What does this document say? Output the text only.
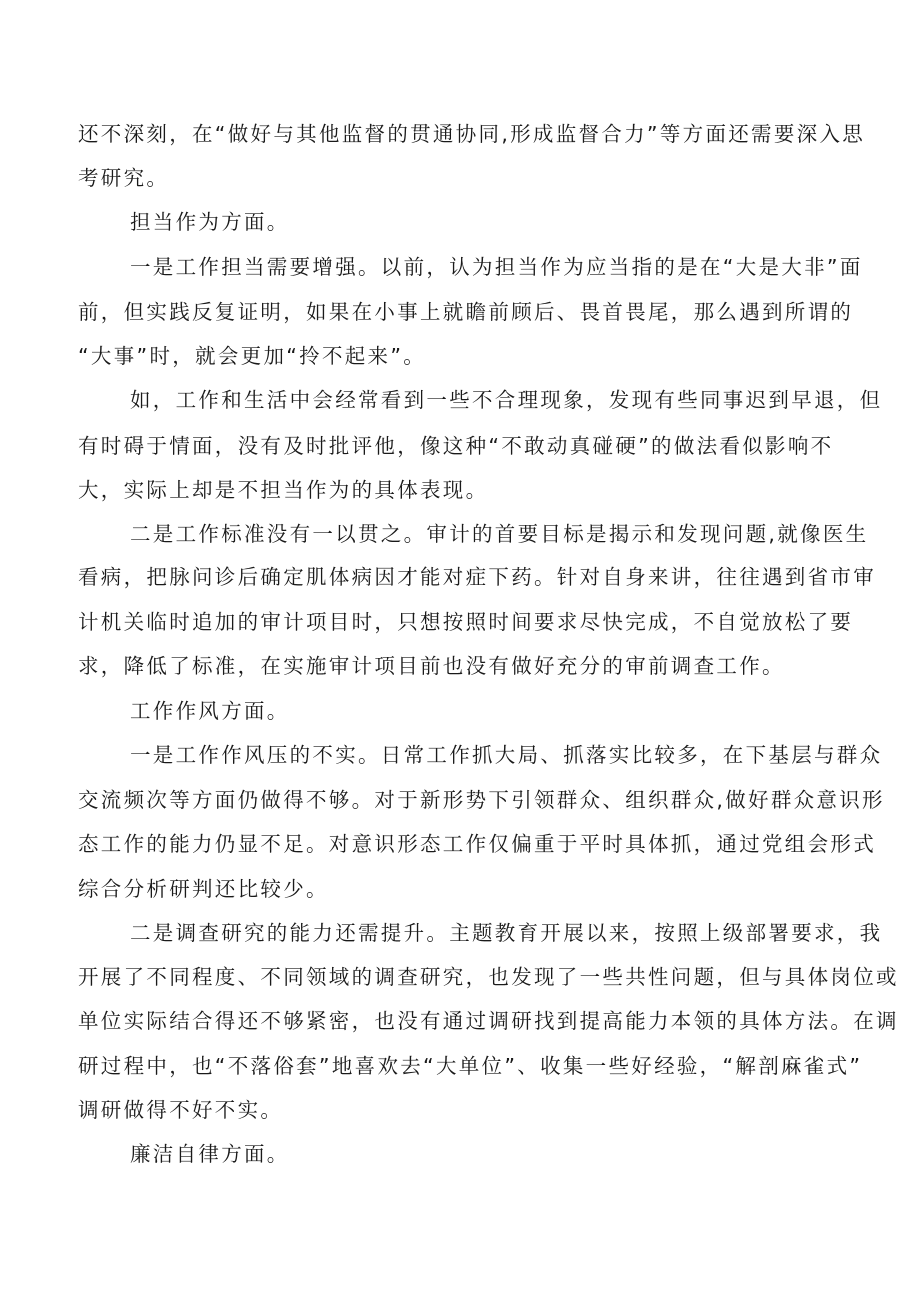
还不深刻，在“做好与其他监督的贯通协同,形成监督合力”等方面还需要深入思
考研究。
担当作为方面。
一是工作担当需要增强。以前，认为担当作为应当指的是在“大是大非”面
前，但实践反复证明，如果在小事上就瞻前顾后、畏首畏尾，那么遇到所谓的
“大事”时，就会更加“拎不起来”。
如，工作和生活中会经常看到一些不合理现象，发现有些同事迟到早退，但
有时碍于情面，没有及时批评他，像这种“不敢动真碰硬”的做法看似影响不
大，实际上却是不担当作为的具体表现。
二是工作标准没有一以贯之。审计的首要目标是揭示和发现问题,就像医生
看病，把脉问诊后确定肌体病因才能对症下药。针对自身来讲，往往遇到省市审
计机关临时追加的审计项目时，只想按照时间要求尽快完成，不自觉放松了要
求，降低了标准，在实施审计项目前也没有做好充分的审前调查工作。
工作作风方面。
一是工作作风压的不实。日常工作抓大局、抓落实比较多，在下基层与群众
交流频次等方面仍做得不够。对于新形势下引领群众、组织群众,做好群众意识形
态工作的能力仍显不足。对意识形态工作仅偏重于平时具体抓，通过党组会形式
综合分析研判还比较少。
二是调查研究的能力还需提升。主题教育开展以来，按照上级部署要求，我
开展了不同程度、不同领域的调查研究，也发现了一些共性问题，但与具体岗位或
单位实际结合得还不够紧密，也没有通过调研找到提高能力本领的具体方法。在调
研过程中，也“不落俗套”地喜欢去“大单位”、收集一些好经验，“解剖麻雀式”
调研做得不好不实。
廉洁自律方面。
